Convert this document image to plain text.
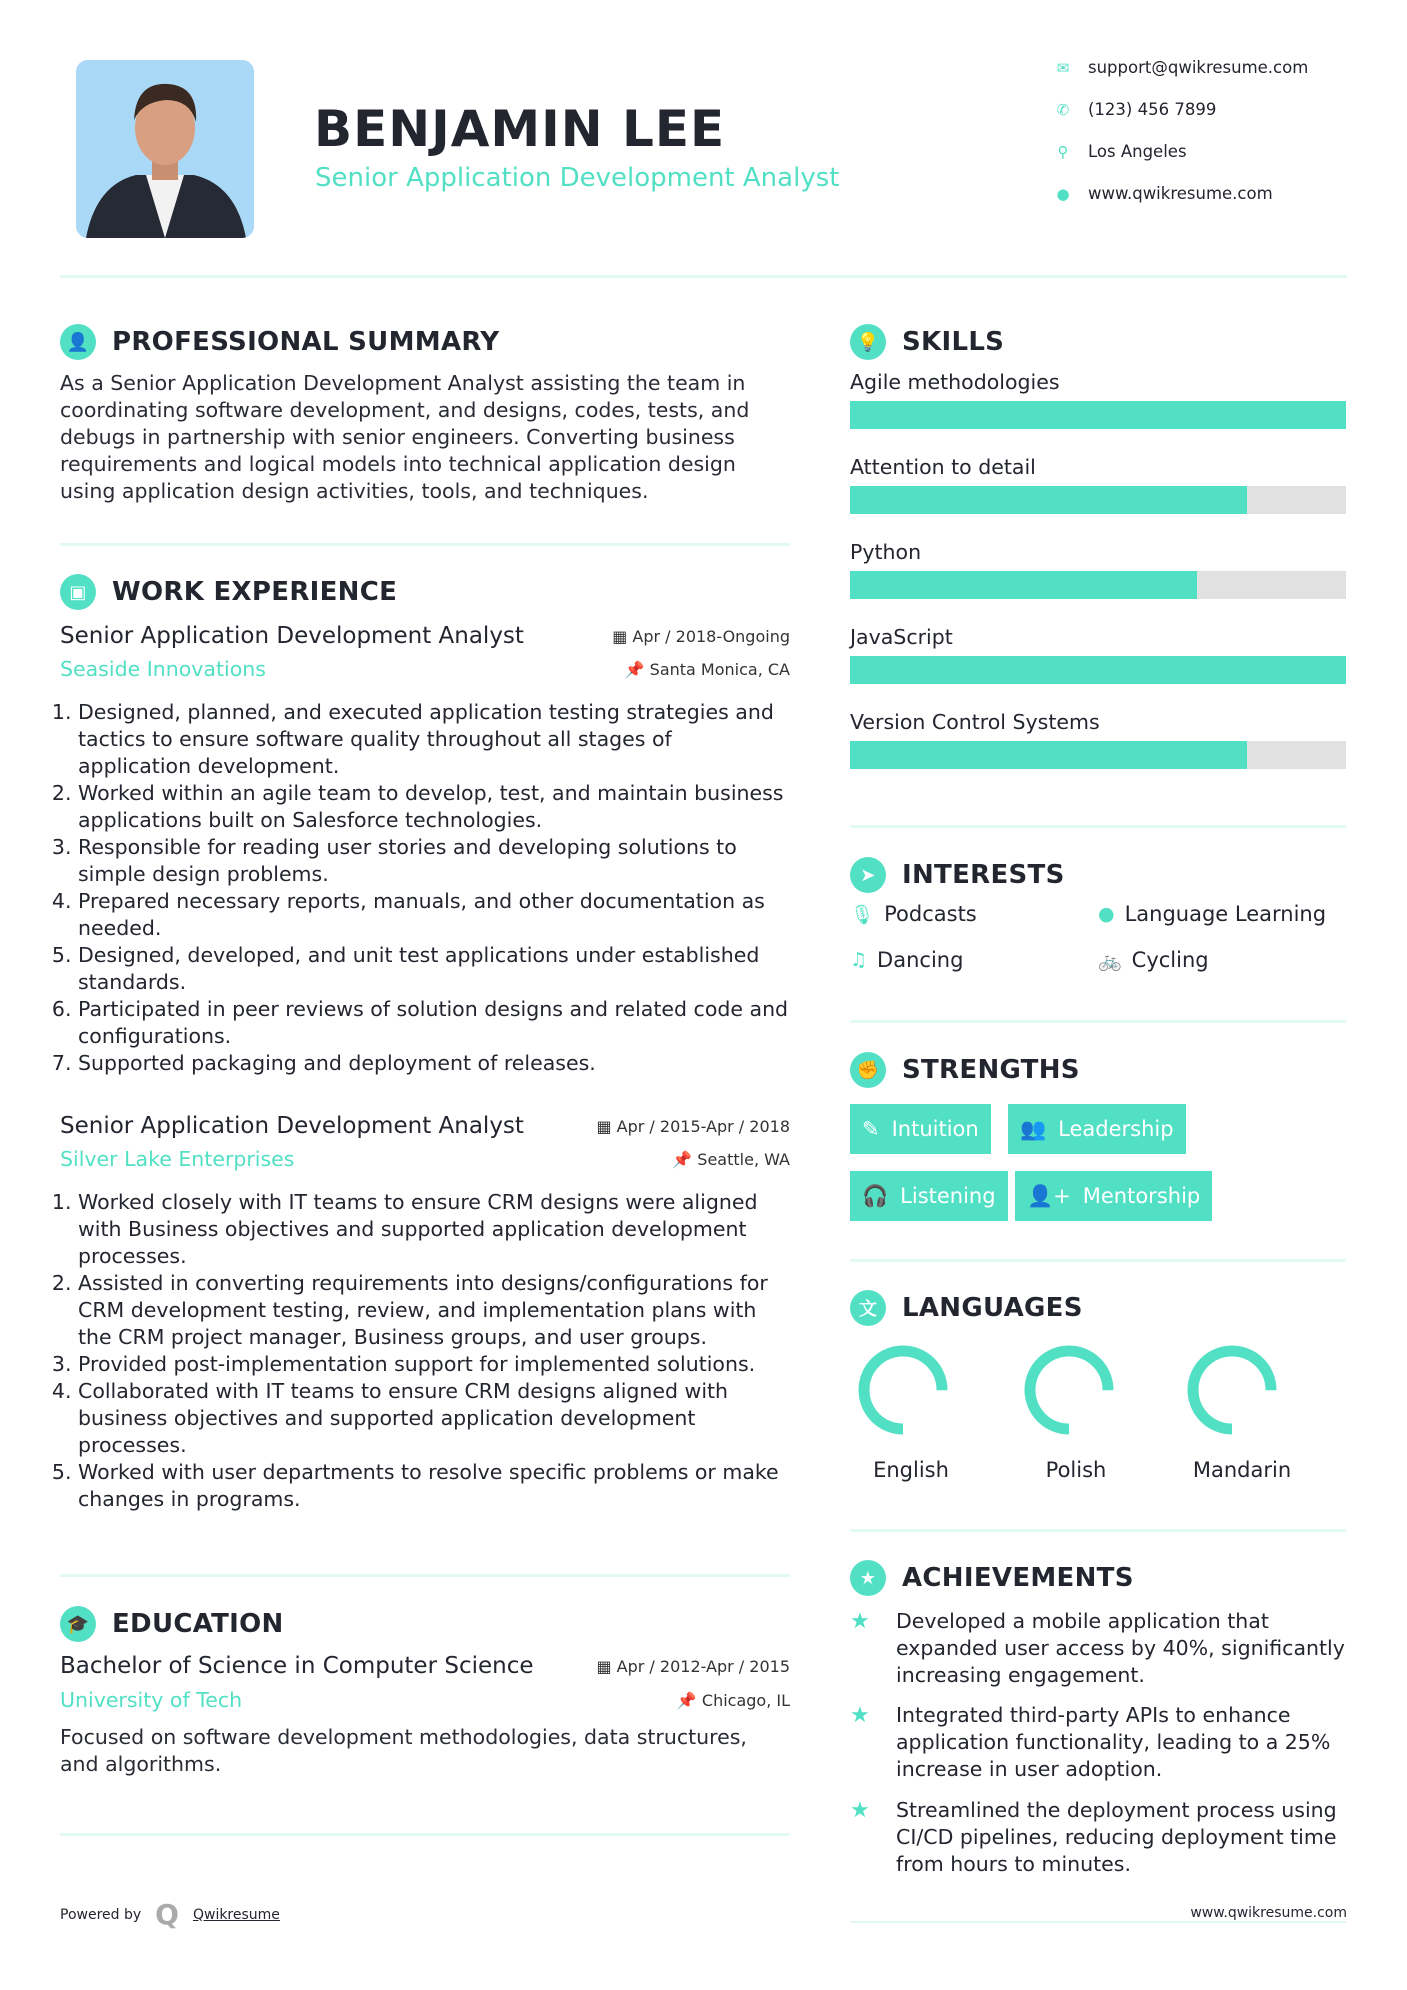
BENJAMIN LEE
Senior Application Development Analyst
✉ support@qwikresume.com
✆ (123) 456 7899
⚲ Los Angeles
● www.qwikresume.com
👤 PROFESSIONAL SUMMARY
As a Senior Application Development Analyst assisting the team in coordinating software development, and designs, codes, tests, and debugs in partnership with senior engineers. Converting business requirements and logical models into technical application design using application design activities, tools, and techniques.
▣ WORK EXPERIENCE
Senior Application Development Analyst	▦ Apr / 2018-Ongoing
Seaside Innovations	📌 Santa Monica, CA
1. Designed, planned, and executed application testing strategies and tactics to ensure software quality throughout all stages of application development.
2. Worked within an agile team to develop, test, and maintain business applications built on Salesforce technologies.
3. Responsible for reading user stories and developing solutions to simple design problems.
4. Prepared necessary reports, manuals, and other documentation as needed.
5. Designed, developed, and unit test applications under established standards.
6. Participated in peer reviews of solution designs and related code and configurations.
7. Supported packaging and deployment of releases.
Senior Application Development Analyst	▦ Apr / 2015-Apr / 2018
Silver Lake Enterprises	📌 Seattle, WA
1. Worked closely with IT teams to ensure CRM designs were aligned with Business objectives and supported application development processes.
2. Assisted in converting requirements into designs/configurations for CRM development testing, review, and implementation plans with the CRM project manager, Business groups, and user groups.
3. Provided post-implementation support for implemented solutions.
4. Collaborated with IT teams to ensure CRM designs aligned with business objectives and supported application development processes.
5. Worked with user departments to resolve specific problems or make changes in programs.
🎓 EDUCATION
Bachelor of Science in Computer Science	▦ Apr / 2012-Apr / 2015
University of Tech	📌 Chicago, IL
Focused on software development methodologies, data structures, and algorithms.
Powered by Q Qwikresume
💡 SKILLS
Agile methodologies
Attention to detail
Python
JavaScript
Version Control Systems
➤	INTERESTS
🎙 Podcasts	● Language Learning
♫ Dancing	🚲 Cycling
✊ STRENGTHS
✎ Intuition 👥 Leadership
🎧 Listening 👤+ Mentorship
文 LANGUAGES
English	Polish	Mandarin
★ ACHIEVEMENTS
★	Developed a mobile application that expanded user access by 40%, significantly increasing engagement.
★	Integrated third-party APIs to enhance application functionality, leading to a 25% increase in user adoption.
★	Streamlined the deployment process using CI/CD pipelines, reducing deployment time from hours to minutes.
www.qwikresume.com
